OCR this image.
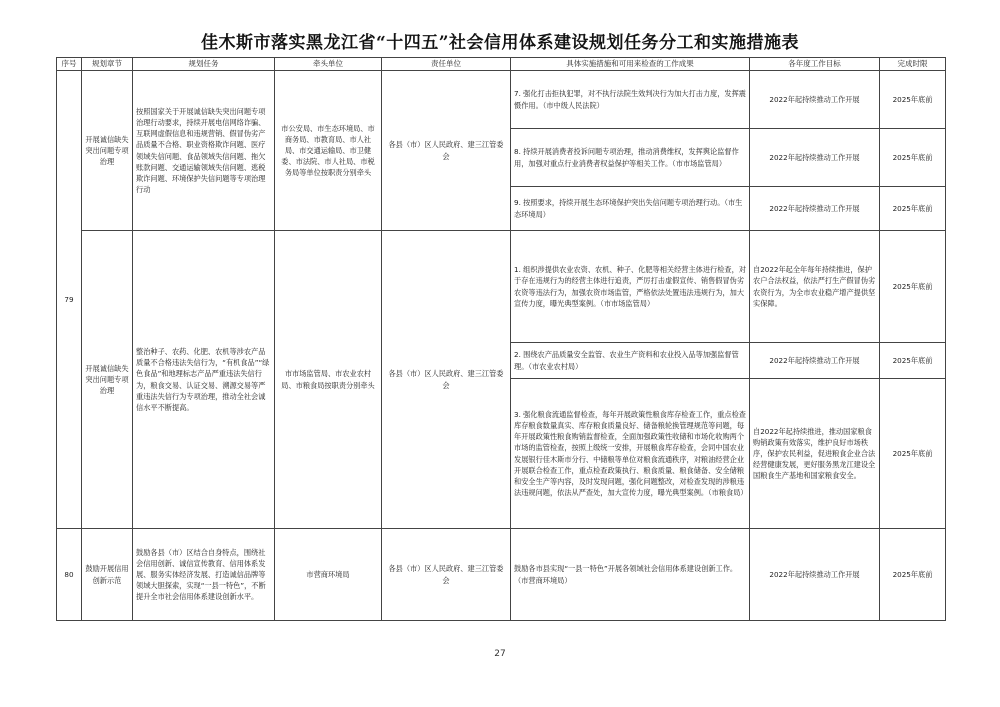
佳木斯市落实黑龙江省“十四五”社会信用体系建设规划任务分工和实施措施表
序号	规划章节	规划任务	牵头单位	责任单位	具体实施措施和可用来检查的工作成果	各年度工作目标	完成时限
79	开展诚信缺失突出问题专项治理	按照国家关于开展诚信缺失突出问题专项治理行动要求，持续开展电信网络诈骗、互联网虚假信息和违规营销、假冒伪劣产品质量不合格、职业资格欺诈问题、医疗领域失信问题、食品领域失信问题、拖欠账款问题、交通运输领域失信问题、逃税欺诈问题、环境保护失信问题等专项治理行动	市公安局、市生态环境局、市商务局、市教育局、市人社局、市交通运输局、市卫健委、市法院、市人社局、市税务局等单位按职责分别牵头	各县（市）区人民政府、建三江管委会	7. 强化打击拒执犯罪，对不执行法院生效判决行为加大打击力度，发挥震慑作用。（市中级人民法院）	2022年起持续推动工作开展	2025年底前
					8. 持续开展消费者投诉问题专项治理，推动消费维权，发挥舆论监督作用，加强对重点行业消费者权益保护等相关工作。（市市场监管局）	2022年起持续推动工作开展	2025年底前
					9. 按照要求，持续开展生态环境保护突出失信问题专项治理行动。（市生态环境局）	2022年起持续推动工作开展	2025年底前
	开展诚信缺失突出问题专项治理	整治种子、农药、化肥、农机等涉农产品质量不合格违法失信行为，“有机食品”“绿色食品”和地理标志产品严重违法失信行为，粮食交易、认证交易、溯源交易等严重违法失信行为专项治理，推动全社会诚信水平不断提高。	市市场监管局、市农业农村局、市粮食局按职责分别牵头	各县（市）区人民政府、建三江管委会	1. 组织涉提供农业农资、农机、种子、化肥等相关经营主体进行检查，对于存在违规行为的经营主体进行追责，严厉打击虚假宣传、销售假冒伪劣农资等违法行为，加强农资市场监管，严格依法处置违法违规行为，加大宣传力度，曝光典型案例。（市市场监管局）	自2022年起全年每年持续推进，保护农户合法权益，依法严打生产假冒伪劣农资行为，为全市农业稳产增产提供坚实保障。	2025年底前
					2. 围绕农产品质量安全监管、农业生产资料和农业投入品等加强监督管理。（市农业农村局）	2022年起持续推动工作开展	2025年底前
					3. 强化粮食流通监督检查，每年开展政策性粮食库存检查工作，重点检查库存粮食数量真实、库存粮食质量良好、储备粮轮换管理规范等问题，每年开展政策性粮食购销监督检查，全面加强政策性收储和市场化收购两个市场的监管检查，按照上级统一安排，开展粮食库存检查，会同中国农业发展银行佳木斯市分行、中储粮等单位对粮食流通秩序，对粮油经营企业开展联合检查工作，重点检查政策执行、粮食质量、粮食储备、安全储粮和安全生产等内容，及时发现问题，强化问题整改，对检查发现的涉粮违法违规问题，依法从严查处，加大宣传力度，曝光典型案例。（市粮食局）	自2022年起持续推进，推动国家粮食购销政策有效落实，维护良好市场秩序，保护农民利益，促进粮食企业合法经营健康发展，更好服务黑龙江建设全国粮食生产基地和国家粮食安全。	2025年底前
80	鼓励开展信用创新示范	鼓励各县（市）区结合自身特点，围绕社会信用创新、诚信宣传教育、信用体系发展、服务实体经济发展、打造诚信品牌等领域大胆探索，实现“一县一特色”，不断提升全市社会信用体系建设创新水平。	市营商环境局	各县（市）区人民政府、建三江管委会	鼓励各市县实现“一县一特色”开展各领域社会信用体系建设创新工作。（市营商环境局）	2022年起持续推动工作开展	2025年底前
27
